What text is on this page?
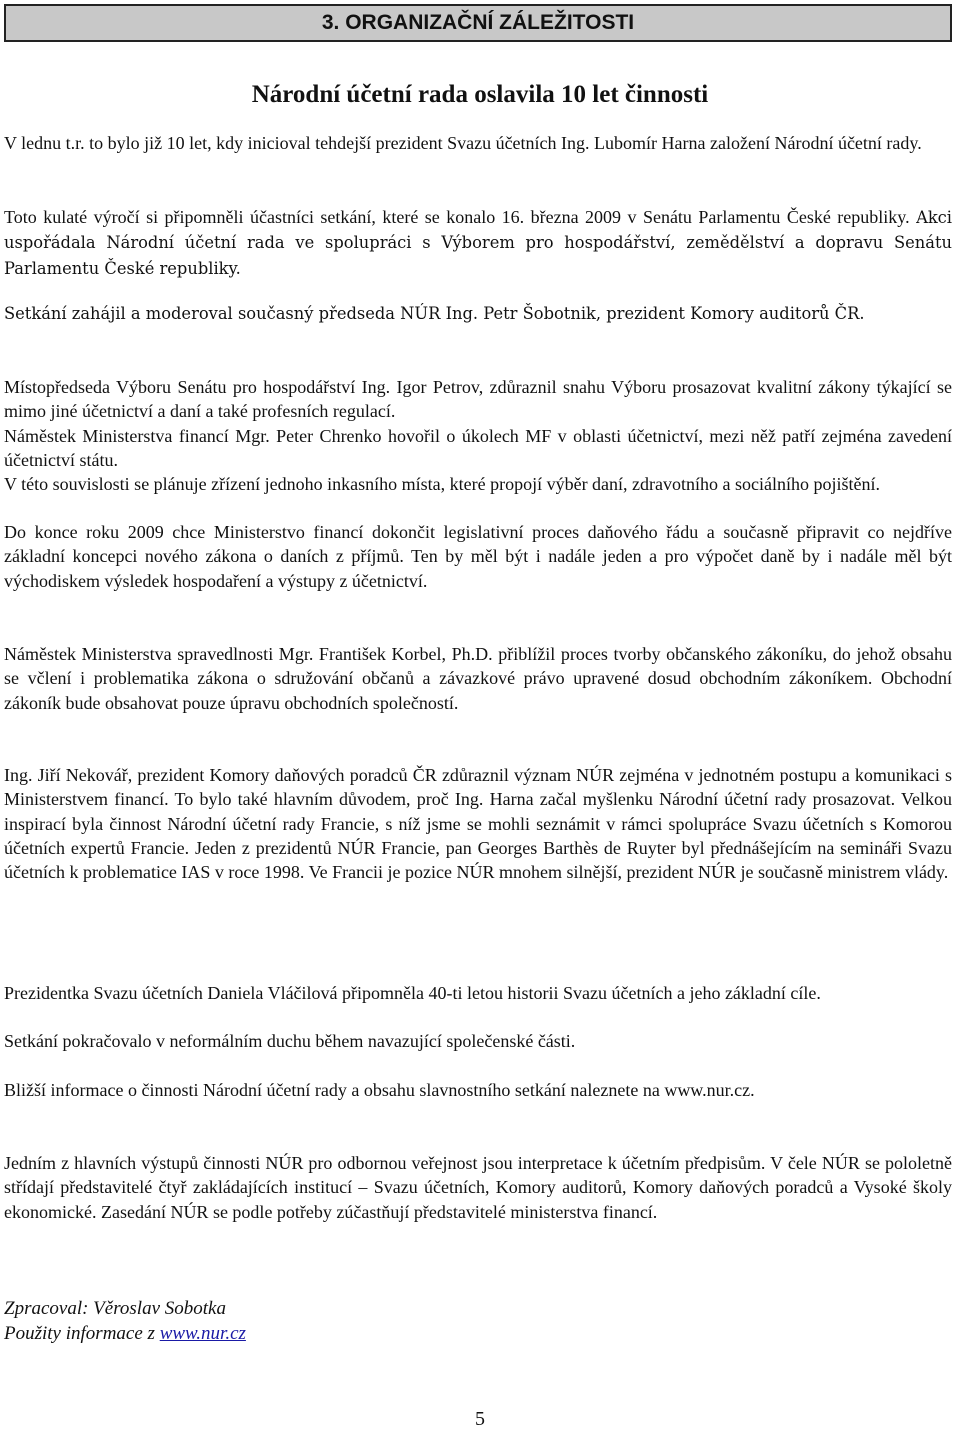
3. ORGANIZAČNÍ ZÁLEŽITOSTI
Národní účetní rada oslavila 10 let činnosti

V lednu t.r. to bylo již 10 let, kdy inicioval tehdejší prezident Svazu účetních Ing. Lubomír Harna založení Národní účetní rady.

Toto kulaté výročí si připomněli účastníci setkání, které se konalo 16. března 2009 v Senátu Parlamentu České republiky. Akci uspořádala Národní účetní rada ve spolupráci s Výborem pro hospodářství, zemědělství a dopravu Senátu Parlamentu České republiky.

Setkání zahájil a moderoval současný předseda NÚR Ing. Petr Šobotnik, prezident Komory auditorů ČR.

Místopředseda Výboru Senátu pro hospodářství Ing. Igor Petrov, zdůraznil snahu Výboru prosazovat kvalitní zákony týkající se mimo jiné účetnictví a daní a také profesních regulací.

Náměstek Ministerstva financí Mgr. Peter Chrenko hovořil o úkolech MF v oblasti účetnictví, mezi něž patří zejména zavedení účetnictví státu.

V této souvislosti se plánuje zřízení jednoho inkasního místa, které propojí výběr daní, zdravotního a sociálního pojištění.

Do konce roku 2009 chce Ministerstvo financí dokončit legislativní proces daňového řádu a současně připravit co nejdříve základní koncepci nového zákona o daních z příjmů. Ten by měl být i nadále jeden a pro výpočet daně by i nadále měl být východiskem výsledek hospodaření a výstupy z účetnictví.

Náměstek Ministerstva spravedlnosti Mgr. František Korbel, Ph.D. přiblížil proces tvorby občanského zákoníku, do jehož obsahu se včlení i problematika zákona o sdružování občanů a závazkové právo upravené dosud obchodním zákoníkem. Obchodní zákoník bude obsahovat pouze úpravu obchodních společností.

Ing. Jiří Nekovář, prezident Komory daňových poradců ČR zdůraznil význam NÚR zejména v jednotném postupu a komunikaci s Ministerstvem financí. To bylo také hlavním důvodem, proč Ing. Harna začal myšlenku Národní účetní rady prosazovat. Velkou inspirací byla činnost Národní účetní rady Francie, s níž jsme se mohli seznámit v rámci spolupráce Svazu účetních s Komorou účetních expertů Francie. Jeden z prezidentů NÚR Francie, pan Georges Barthès de Ruyter byl přednášejícím na semináři Svazu účetních k problematice IAS v roce 1998. Ve Francii je pozice NÚR mnohem silnější, prezident NÚR je současně ministrem vlády.

Prezidentka Svazu účetních Daniela Vláčilová připomněla 40-ti letou historii Svazu účetních a jeho základní cíle.

Setkání pokračovalo v neformálním duchu během navazující společenské části.

Bližší informace o činnosti Národní účetní rady a obsahu slavnostního setkání naleznete na www.nur.cz.

Jedním z hlavních výstupů činnosti NÚR pro odbornou veřejnost jsou interpretace k účetním předpisům. V čele NÚR se pololetně střídají představitelé čtyř zakládajících institucí – Svazu účetních, Komory auditorů, Komory daňových poradců a Vysoké školy ekonomické. Zasedání NÚR se podle potřeby zúčastňují představitelé ministerstva financí.

Zpracoval: Věroslav Sobotka

Použity informace z www.nur.cz

5
